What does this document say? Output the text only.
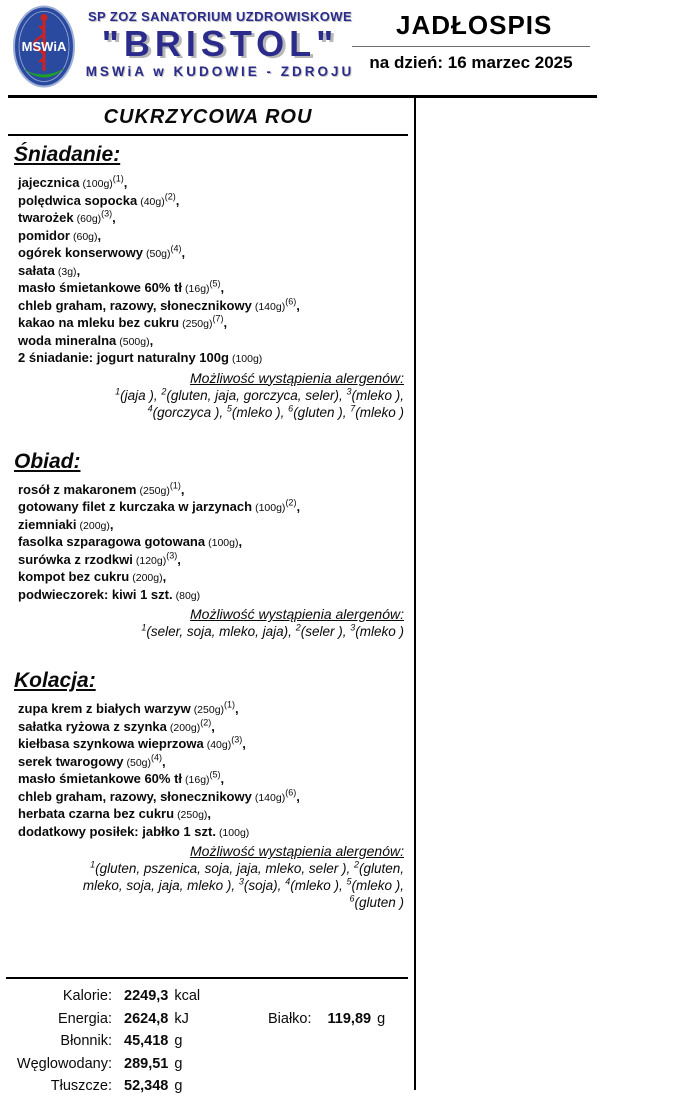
MSWiA
SP ZOZ SANATORIUM UZDROWISKOWE
"BRISTOL"
MSWiA w KUDOWIE - ZDROJU
JADŁOSPIS
na dzień: 16 marzec 2025
CUKRZYCOWA ROU
Śniadanie:
jajecznica $(100g)^{(1)}$,
polędwica sopocka $(40g)^{(2)}$,
twarożek $(60g)^{(3)}$,
pomidor (60g),
ogórek konserwowy $(50g)^{(4)}$,
sałata (3g),
masło śmietankowe 60% tł $(16g)^{(5)}$,
chleb graham, razowy, słonecznikowy $(140g)^{(6)}$,
kakao na mleku bez cukru $(250g)^{(7)}$,
woda mineralna (500g),
2 śniadanie: jogurt naturalny 100g (100g)
Możliwość wystąpienia alergenów:
$^1$(jaja ), $^2$(gluten, jaja, gorczyca, seler), $^3$(mleko ), $^4$(gorczyca ), $^5$(mleko ), $^6$(gluten ), $^7$(mleko )
Obiad:
rosół z makaronem $(250g)^{(1)}$,
gotowany filet z kurczaka w jarzynach $(100g)^{(2)}$,
ziemniaki (200g),
fasolka szparagowa gotowana (100g),
surówka z rzodkwi $(120g)^{(3)}$,
kompot bez cukru (200g),
podwieczorek: kiwi 1 szt. (80g)
Możliwość wystąpienia alergenów:
$^1$(seler, soja, mleko, jaja), $^2$(seler ), $^3$(mleko )
Kolacja:
zupa krem z białych warzyw $(250g)^{(1)}$,
sałatka ryżowa z szynka $(200g)^{(2)}$,
kiełbasa szynkowa wieprzowa $(40g)^{(3)}$,
serek twarogowy $(50g)^{(4)}$,
masło śmietankowe 60% tł $(16g)^{(5)}$,
chleb graham, razowy, słonecznikowy $(140g)^{(6)}$,
herbata czarna bez cukru (250g),
dodatkowy posiłek: jabłko 1 szt. (100g)
Możliwość wystąpienia alergenów:
$^1$(gluten, pszenica, soja, jaja, mleko, seler ), $^2$(gluten, mleko, soja, jaja, mleko ), $^3$(soja), $^4$(mleko ), $^5$(mleko ), $^6$(gluten )
Kalorie: 2249,3 kcal
Energia: 2624,8 kJ	Białko: 119,89 g
Błonnik: 45,418 g
Węglowodany: 289,51 g
Tłuszcze: 52,348 g
